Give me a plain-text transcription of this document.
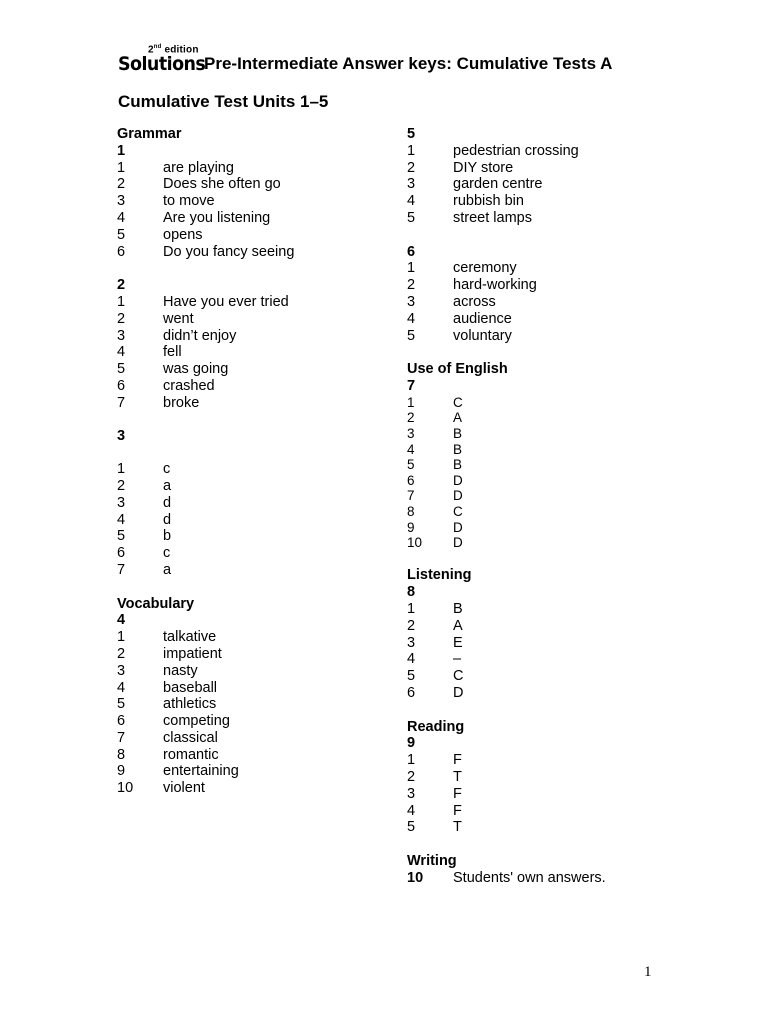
2nd edition
Solutions
Pre-Intermediate Answer keys: Cumulative Tests A
Cumulative Test Units 1–5
Grammar
1
1	are playing
2	Does she often go
3	to move
4	Are you listening
5	opens
6	Do you fancy seeing
2
1	Have you ever tried
2	went
3	didn’t enjoy
4	fell
5	was going
6	crashed
7	broke
3
1	c
2	a
3	d
4	d
5	b
6	c
7	a
Vocabulary
4
1	talkative
2	impatient
3	nasty
4	baseball
5	athletics
6	competing
7	classical
8	romantic
9	entertaining
10 violent
5
1	pedestrian crossing
2	DIY store
3	garden centre
4	rubbish bin
5	street lamps
6
1	ceremony
2	hard-working
3	across
4	audience
5	voluntary
Use of English
7
1	C
2	A
3	B
4	B
5	B
6	D
7	D
8	C
9	D
10 D
Listening
8
1	B
2	A
3	E
4	–
5	C
6	D
Reading
9
1	F
2	T
3	F
4	F
5	T
Writing
10 Students' own answers.
1
